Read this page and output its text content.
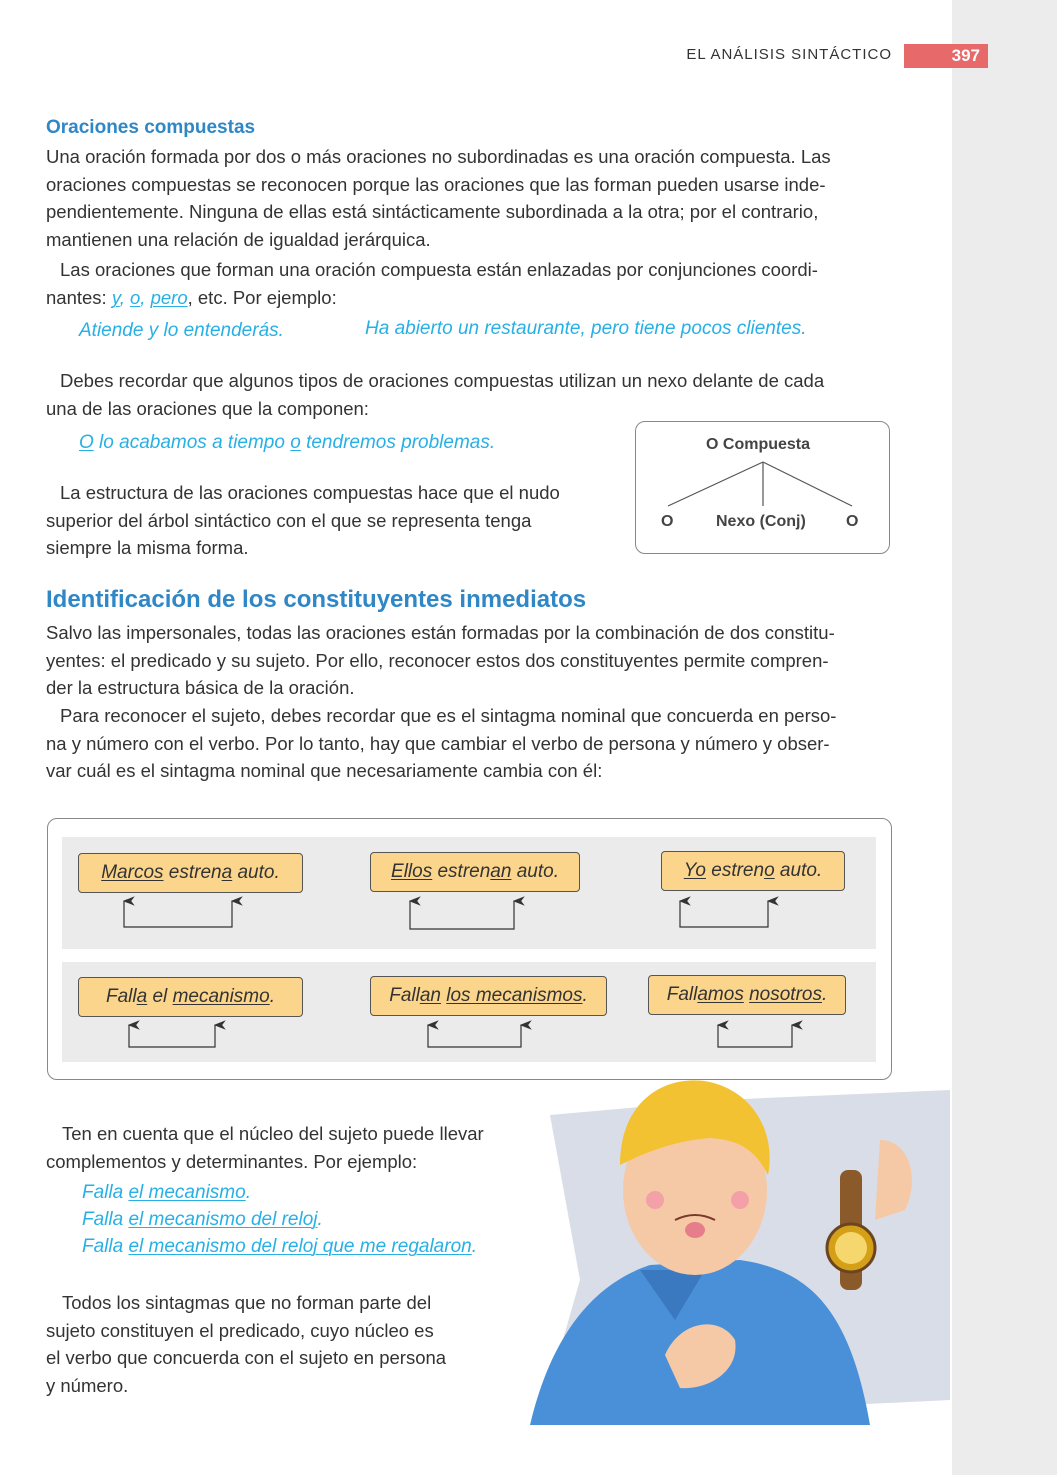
EL ANÁLISIS SINTÁCTICO	397
Oraciones compuestas

Una oración formada por dos o más oraciones no subordinadas es una oración compuesta. Las
oraciones compuestas se reconocen porque las oraciones que las forman pueden usarse inde-
pendientemente. Ninguna de ellas está sintácticamente subordinada a la otra; por el contrario,
mantienen una relación de igualdad jerárquica.

Las oraciones que forman una oración compuesta están enlazadas por conjunciones coordi-
nantes: y, o, pero, etc. Por ejemplo:

Atiende y lo entenderás.	Ha abierto un restaurante, pero tiene pocos clientes.

Debes recordar que algunos tipos de oraciones compuestas utilizan un nexo delante de cada
una de las oraciones que la componen:

O lo acabamos a tiempo o tendremos problemas.

La estructura de las oraciones compuestas hace que el nudo
superior del árbol sintáctico con el que se representa tenga
siempre la misma forma.

O Compuesta
O	Nexo (Conj)	O
Identificación de los constituyentes inmediatos

Salvo las impersonales, todas las oraciones están formadas por la combinación de dos constitu-
yentes: el predicado y su sujeto. Por ello, reconocer estos dos constituyentes permite compren-
der la estructura básica de la oración.

Para reconocer el sujeto, debes recordar que es el sintagma nominal que concuerda en perso-
na y número con el verbo. Por lo tanto, hay que cambiar el verbo de persona y número y obser-
var cuál es el sintagma nominal que necesariamente cambia con él:

Marcos estrena auto.	Ellos estrenan auto.	Yo estreno auto.
Falla el mecanismo.	Fallan los mecanismos.	Fallamos nosotros.

Ten en cuenta que el núcleo del sujeto puede llevar
complementos y determinantes. Por ejemplo:

Falla el mecanismo.
Falla el mecanismo del reloj.
Falla el mecanismo del reloj que me regalaron.

Todos los sintagmas que no forman parte del
sujeto constituyen el predicado, cuyo núcleo es
el verbo que concuerda con el sujeto en persona
y número.
